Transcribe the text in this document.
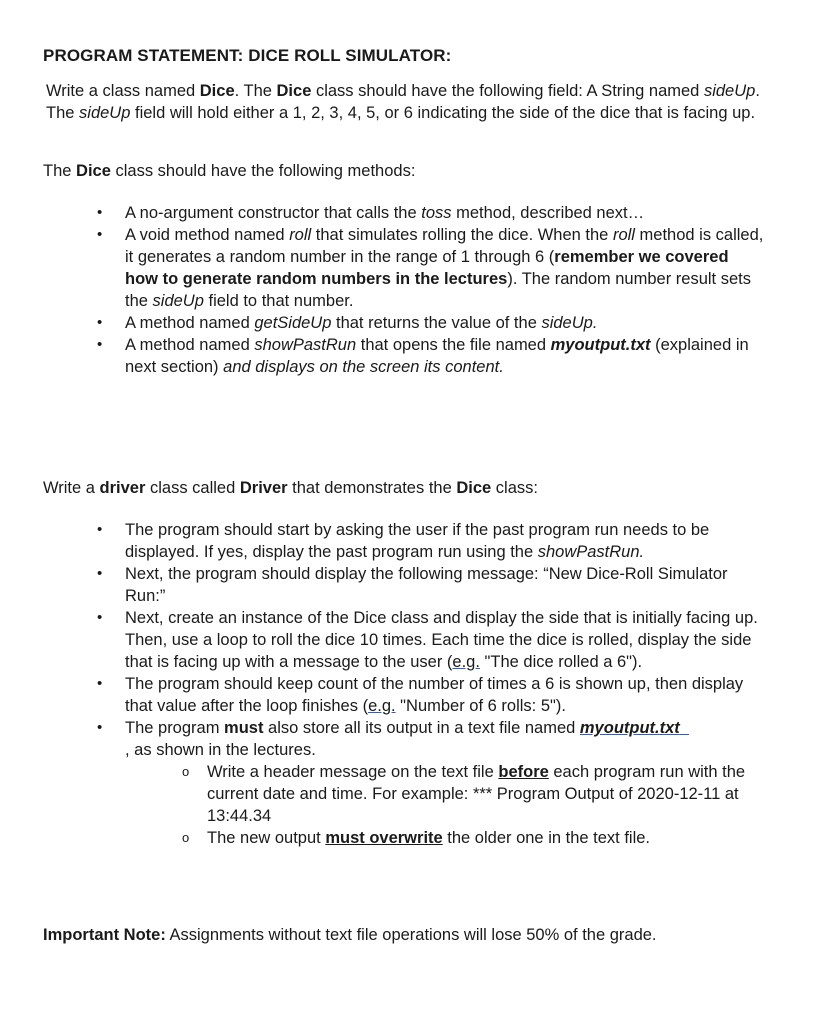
PROGRAM STATEMENT: DICE ROLL SIMULATOR:
Write a class named Dice. The Dice class should have the following field: A String named sideUp. The sideUp field will hold either a 1, 2, 3, 4, 5, or 6 indicating the side of the dice that is facing up.
The Dice class should have the following methods:
• A no-argument constructor that calls the toss method, described next…
• A void method named roll that simulates rolling the dice. When the roll method is called, it generates a random number in the range of 1 through 6 (remember we covered how to generate random numbers in the lectures). The random number result sets the sideUp field to that number.
• A method named getSideUp that returns the value of the sideUp.
• A method named showPastRun that opens the file named myoutput.txt (explained in next section) and displays on the screen its content.
Write a driver class called Driver that demonstrates the Dice class:
• The program should start by asking the user if the past program run needs to be displayed. If yes, display the past program run using the showPastRun.
• Next, the program should display the following message: “New Dice-Roll Simulator Run:”
• Next, create an instance of the Dice class and display the side that is initially facing up. Then, use a loop to roll the dice 10 times. Each time the dice is rolled, display the side that is facing up with a message to the user (e.g. "The dice rolled a 6").
• The program should keep count of the number of times a 6 is shown up, then display that value after the loop finishes (e.g. "Number of 6 rolls: 5").
• The program must also store all its output in a text file named myoutput.txt
, as shown in the lectures.
o Write a header message on the text file before each program run with the current date and time. For example: *** Program Output of 2020-12-11 at 13:44.34
o The new output must overwrite the older one in the text file.
Important Note: Assignments without text file operations will lose 50% of the grade.
